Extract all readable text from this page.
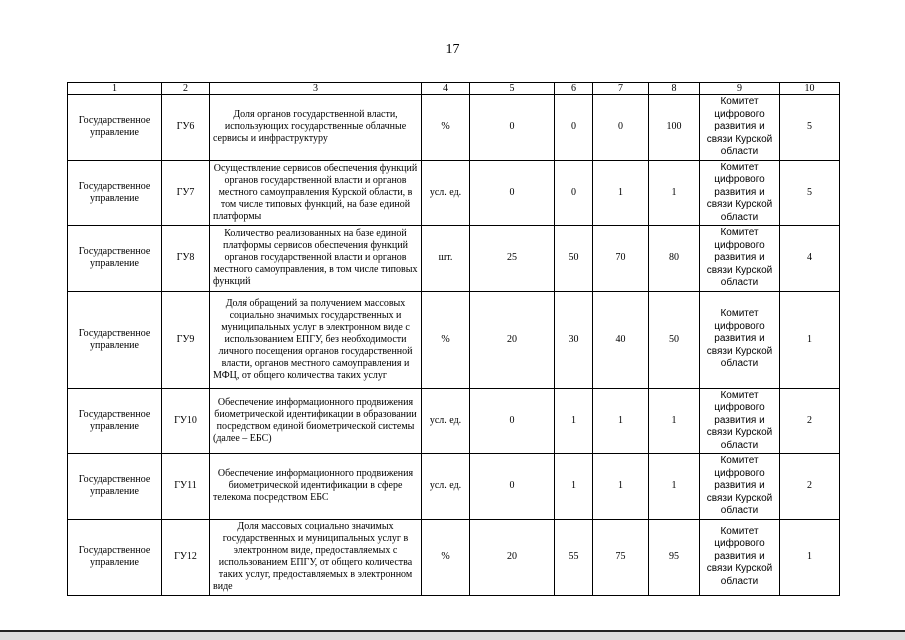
17
1	2	3	4	5	6	7	8	9	10
Государственное управление	ГУ6	Доля органов государственной власти, использующих государственные облачные сервисы и инфраструктуру	%	0	0	0	100	Комитет цифрового развития и связи Курской области	5
Государственное управление	ГУ7	Осуществление сервисов обеспечения функций органов государственной власти и органов местного самоуправления Курской области, в том числе типовых функций, на базе единой платформы	усл. ед.	0	0	1	1	Комитет цифрового развития и связи Курской области	5
Государственное управление	ГУ8	Количество реализованных на базе единой платформы сервисов обеспечения функций органов государственной власти и органов местного самоуправления, в том числе типовых функций	шт.	25	50	70	80	Комитет цифрового развития и связи Курской области	4
Государственное управление	ГУ9	Доля обращений за получением массовых социально значимых государственных и муниципальных услуг в электронном виде с использованием ЕПГУ, без необходимости личного посещения органов государственной власти, органов местного самоуправления и МФЦ, от общего количества таких услуг	%	20	30	40	50	Комитет цифрового развития и связи Курской области	1
Государственное управление	ГУ10	Обеспечение информационного продвижения биометрической идентификации в образовании посредством единой биометрической системы (далее – ЕБС)	усл. ед.	0	1	1	1	Комитет цифрового развития и связи Курской области	2
Государственное управление	ГУ11	Обеспечение информационного продвижения биометрической идентификации в сфере телекома посредством ЕБС	усл. ед.	0	1	1	1	Комитет цифрового развития и связи Курской области	2
Государственное управление	ГУ12	Доля массовых социально значимых государственных и муниципальных услуг в электронном виде, предоставляемых с использованием ЕПГУ, от общего количества таких услуг, предоставляемых в электронном виде	%	20	55	75	95	Комитет цифрового развития и связи Курской области	1
